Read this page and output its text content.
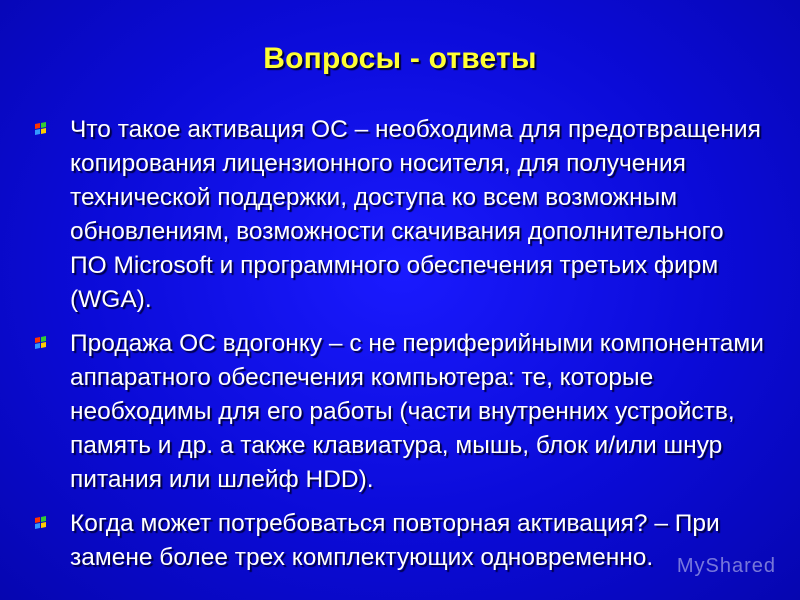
Вопросы - ответы
Что такое активация ОС – необходима для предотвращения копирования лицензионного носителя, для получения технической поддержки, доступа ко всем возможным обновлениям, возможности скачивания дополнительного ПО Microsoft и программного обеспечения третьих фирм (WGA).
Продажа ОС вдогонку – с не периферийными компонентами аппаратного обеспечения компьютера: те, которые необходимы для его работы (части внутренних устройств, память и др. а также клавиатура, мышь, блок и/или шнур питания или шлейф HDD).
Когда может потребоваться повторная активация? – При замене более трех комплектующих одновременно.	MyShared
